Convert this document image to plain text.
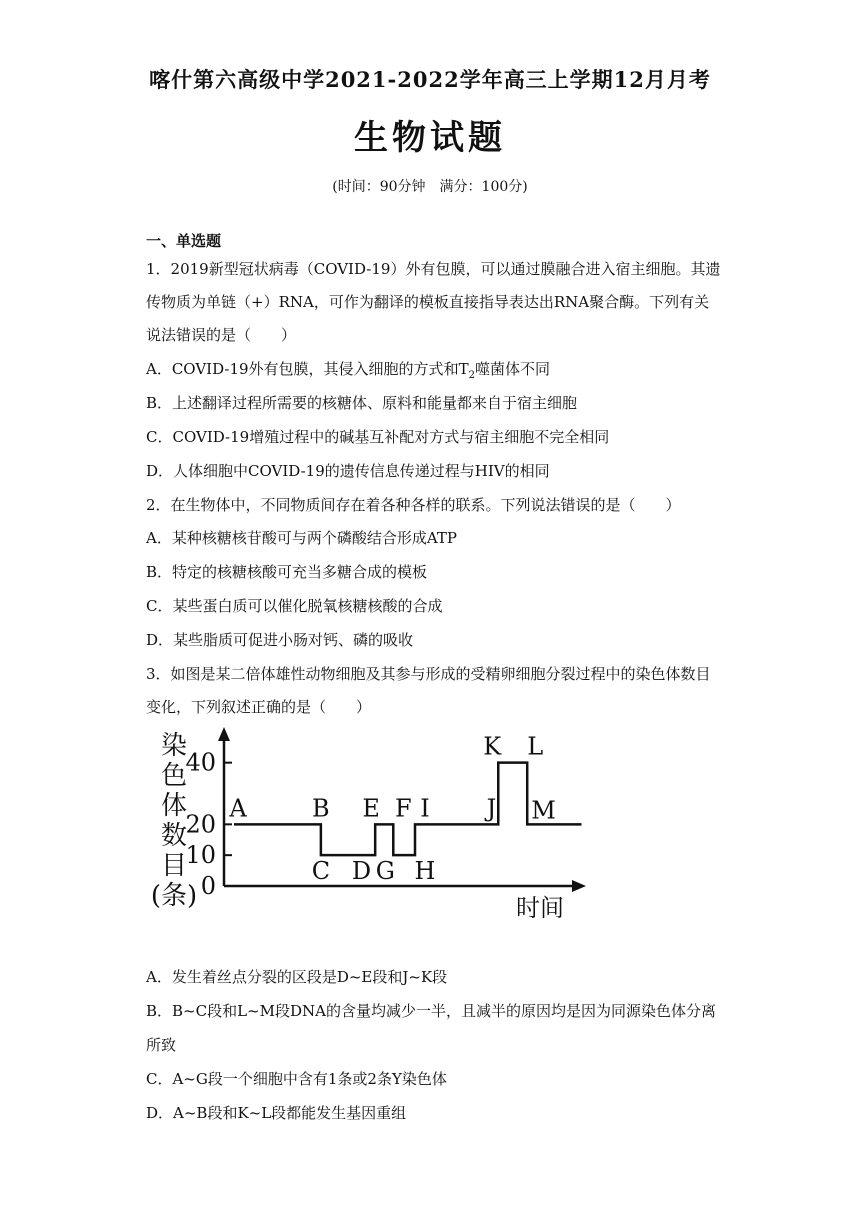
喀什第六高级中学2021-2022学年高三上学期12月月考
生物试题
(时间：90分钟　满分：100分)
一、单选题
1．2019新型冠状病毒（COVID-19）外有包膜，可以通过膜融合进入宿主细胞。其遗
传物质为单链（+）RNA，可作为翻译的模板直接指导表达出RNA聚合酶。下列有关
说法错误的是（　　）
A．COVID-19外有包膜，其侵入细胞的方式和$T_2$噬菌体不同
B．上述翻译过程所需要的核糖体、原料和能量都来自于宿主细胞
C．COVID-19增殖过程中的碱基互补配对方式与宿主细胞不完全相同
D．人体细胞中COVID-19的遗传信息传递过程与HIV的相同
2．在生物体中，不同物质间存在着各种各样的联系。下列说法错误的是（　　）
A．某种核糖核苷酸可与两个磷酸结合形成ATP
B．特定的核糖核酸可充当多糖合成的模板
C．某些蛋白质可以催化脱氧核糖核酸的合成
D．某些脂质可促进小肠对钙、磷的吸收
3．如图是某二倍体雄性动物细胞及其参与形成的受精卵细胞分裂过程中的染色体数目
变化，下列叙述正确的是（　　）
A．发生着丝点分裂的区段是D~E段和J~K段
B．B~C段和L~M段DNA的含量均减少一半，且减半的原因均是因为同源染色体分离
所致
C．A~G段一个细胞中含有1条或2条Y染色体
D．A~B段和K~L段都能发生基因重组
0
10
20
40
染
色
体
数
目
(条)	时间
A	B
C D
E F
G H
I J
K L
M
